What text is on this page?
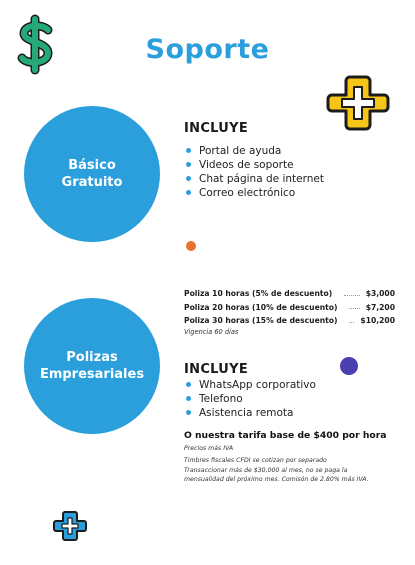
Soporte
Básico
Gratuito
INCLUYE
Portal de ayuda
Videos de soporte
Chat página de internet
Correo electrónico
Polizas
Empresariales
Poliza 10 horas (5% de descuento)	$3,000
Poliza 20 horas (10% de descuento)	$7,200
Poliza 30 horas (15% de descuento)	$10,200
Vigencia 60 días
INCLUYE
WhatsApp corporativo
Telefono
Asistencia remota
O nuestra tarifa base de $400 por hora
Precios más IVA
Timbres fiscales CFDI se cotizan por separado
Transaccionar más de $30,000 al mes, no se paga la
mensualidad del próximo mes. Comisón de 2.80% más IVA.
